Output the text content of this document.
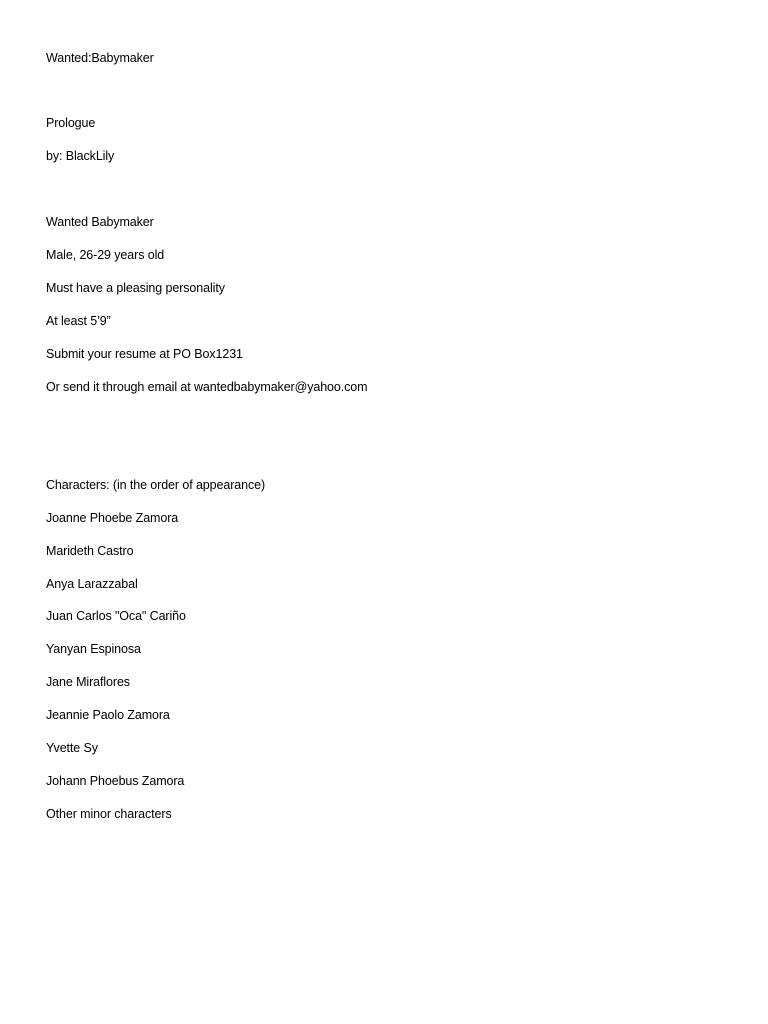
Wanted:Babymaker
Prologue
by: BlackLily
Wanted Babymaker
Male, 26-29 years old
Must have a pleasing personality
At least 5’9”
Submit your resume at PO Box1231
Or send it through email at wantedbabymaker@yahoo.com
Characters: (in the order of appearance)
Joanne Phoebe Zamora
Marideth Castro
Anya Larazzabal
Juan Carlos "Oca" Cariño
Yanyan Espinosa
Jane Miraflores
Jeannie Paolo Zamora
Yvette Sy
Johann Phoebus Zamora
Other minor characters
